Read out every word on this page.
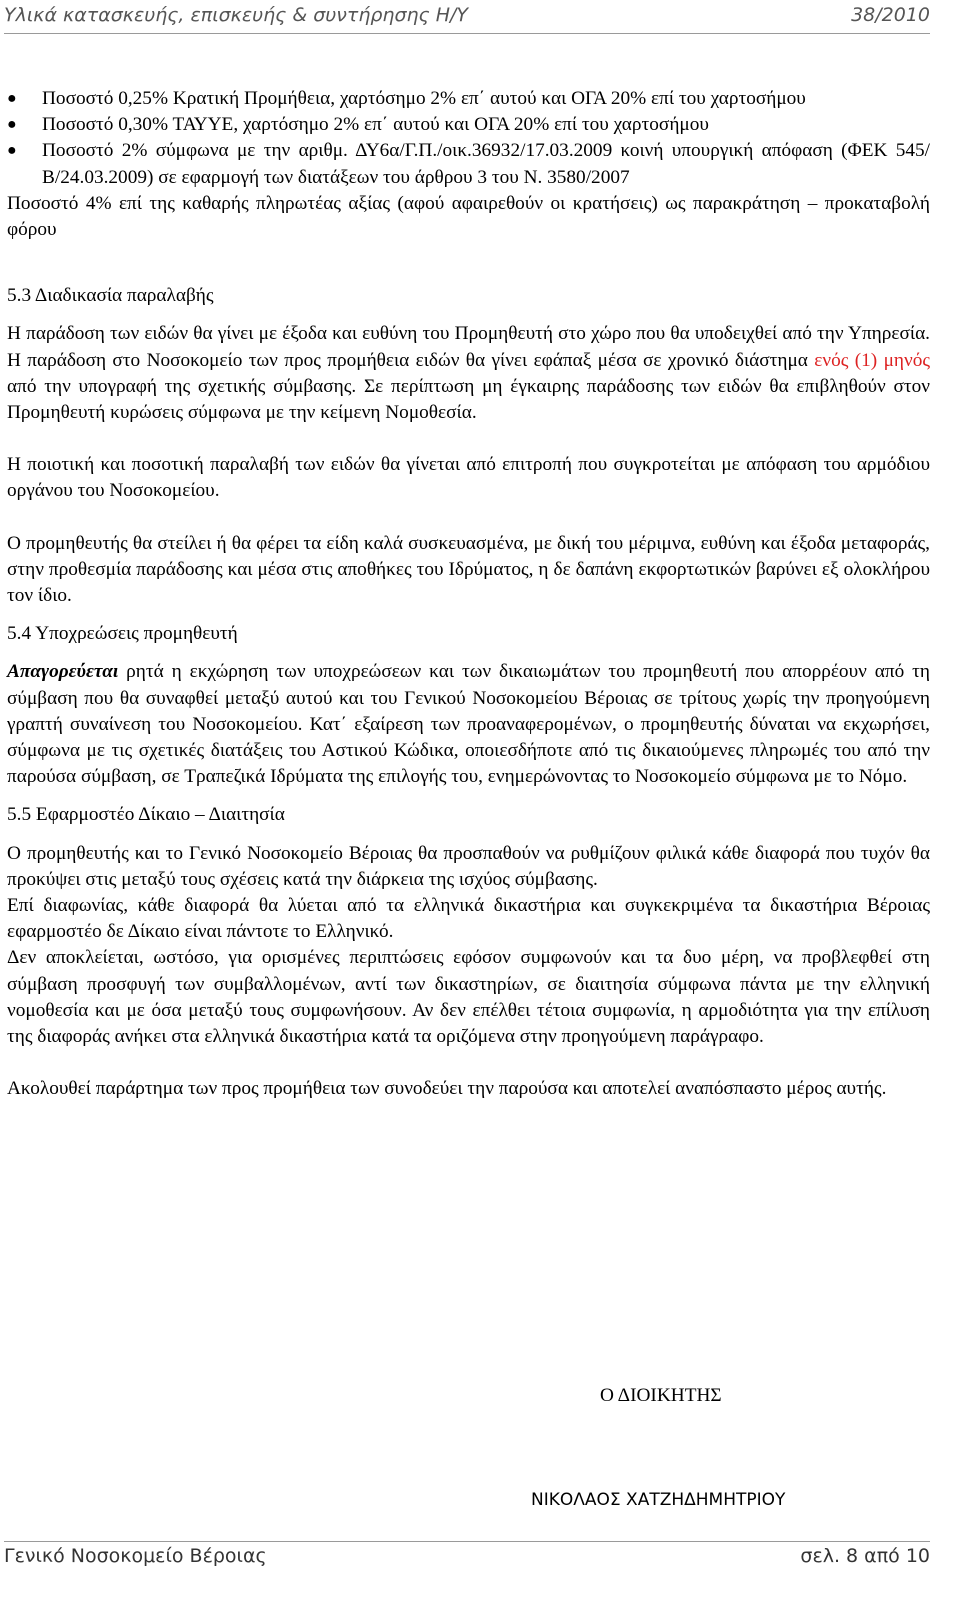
Υλικά κατασκευής, επισκευής & συντήρησης Η/Υ	38/2010
● Ποσοστό 0,25% Κρατική Προμήθεια, χαρτόσημο 2% επ΄ αυτού και ΟΓΑ 20% επί του χαρτοσήμου
● Ποσοστό 0,30% ΤΑΥΥΕ, χαρτόσημο 2% επ΄ αυτού και ΟΓΑ 20% επί του χαρτοσήμου
● Ποσοστό 2% σύμφωνα με την αριθμ. ΔΥ6α/Γ.Π./οικ.36932/17.03.2009 κοινή υπουργική απόφαση (ΦΕΚ 545/Β/24.03.2009) σε εφαρμογή των διατάξεων του άρθρου 3 του Ν. 3580/2007

Ποσοστό 4% επί της καθαρής πληρωτέας αξίας (αφού αφαιρεθούν οι κρατήσεις) ως παρακράτηση – προκαταβολή φόρου

5.3 Διαδικασία παραλαβής

Η παράδοση των ειδών θα γίνει με έξοδα και ευθύνη του Προμηθευτή στο χώρο που θα υποδειχθεί από την Υπηρεσία. Η παράδοση στο Νοσοκομείο των προς προμήθεια ειδών θα γίνει εφάπαξ μέσα σε χρονικό διάστημα ενός (1) μηνός από την υπογραφή της σχετικής σύμβασης. Σε περίπτωση μη έγκαιρης παράδοσης των ειδών θα επιβληθούν στον Προμηθευτή κυρώσεις σύμφωνα με την κείμενη Νομοθεσία.

Η ποιοτική και ποσοτική παραλαβή των ειδών θα γίνεται από επιτροπή που συγκροτείται με απόφαση του αρμόδιου οργάνου του Νοσοκομείου.

Ο προμηθευτής θα στείλει ή θα φέρει τα είδη καλά συσκευασμένα, με δική του μέριμνα, ευθύνη και έξοδα μεταφοράς, στην προθεσμία παράδοσης και μέσα στις αποθήκες του Ιδρύματος, η δε δαπάνη εκφορτωτικών βαρύνει εξ ολοκλήρου τον ίδιο.

5.4 Υποχρεώσεις προμηθευτή

Απαγορεύεται ρητά η εκχώρηση των υποχρεώσεων και των δικαιωμάτων του προμηθευτή που απορρέουν από τη σύμβαση που θα συναφθεί μεταξύ αυτού και του Γενικού Νοσοκομείου Βέροιας σε τρίτους χωρίς την προηγούμενη γραπτή συναίνεση του Νοσοκομείου. Κατ΄ εξαίρεση των προαναφερομένων, ο προμηθευτής δύναται να εκχωρήσει, σύμφωνα με τις σχετικές διατάξεις του Αστικού Κώδικα, οποιεσδήποτε από τις δικαιούμενες πληρωμές του από την παρούσα σύμβαση, σε Τραπεζικά Ιδρύματα της επιλογής του, ενημερώνοντας το Νοσοκομείο σύμφωνα με το Νόμο.

5.5 Εφαρμοστέο Δίκαιο – Διαιτησία

Ο προμηθευτής και το Γενικό Νοσοκομείο Βέροιας θα προσπαθούν να ρυθμίζουν φιλικά κάθε διαφορά που τυχόν θα προκύψει στις μεταξύ τους σχέσεις κατά την διάρκεια της ισχύος σύμβασης.

Επί διαφωνίας, κάθε διαφορά θα λύεται από τα ελληνικά δικαστήρια και συγκεκριμένα τα δικαστήρια Βέροιας εφαρμοστέο δε Δίκαιο είναι πάντοτε το Ελληνικό.

Δεν αποκλείεται, ωστόσο, για ορισμένες περιπτώσεις εφόσον συμφωνούν και τα δυο μέρη, να προβλεφθεί στη σύμβαση προσφυγή των συμβαλλομένων, αντί των δικαστηρίων, σε διαιτησία σύμφωνα πάντα με την ελληνική νομοθεσία και με όσα μεταξύ τους συμφωνήσουν. Αν δεν επέλθει τέτοια συμφωνία, η αρμοδιότητα για την επίλυση της διαφοράς ανήκει στα ελληνικά δικαστήρια κατά τα οριζόμενα στην προηγούμενη παράγραφο.

Ακολουθεί παράρτημα των προς προμήθεια των συνοδεύει την παρούσα και αποτελεί αναπόσπαστο μέρος αυτής.

Ο ΔΙΟΙΚΗΤΗΣ
ΝΙΚΟΛΑΟΣ ΧΑΤΖΗΔΗΜΗΤΡΙΟΥ
Γενικό Νοσοκομείο Βέροιας	σελ. 8 από 10
